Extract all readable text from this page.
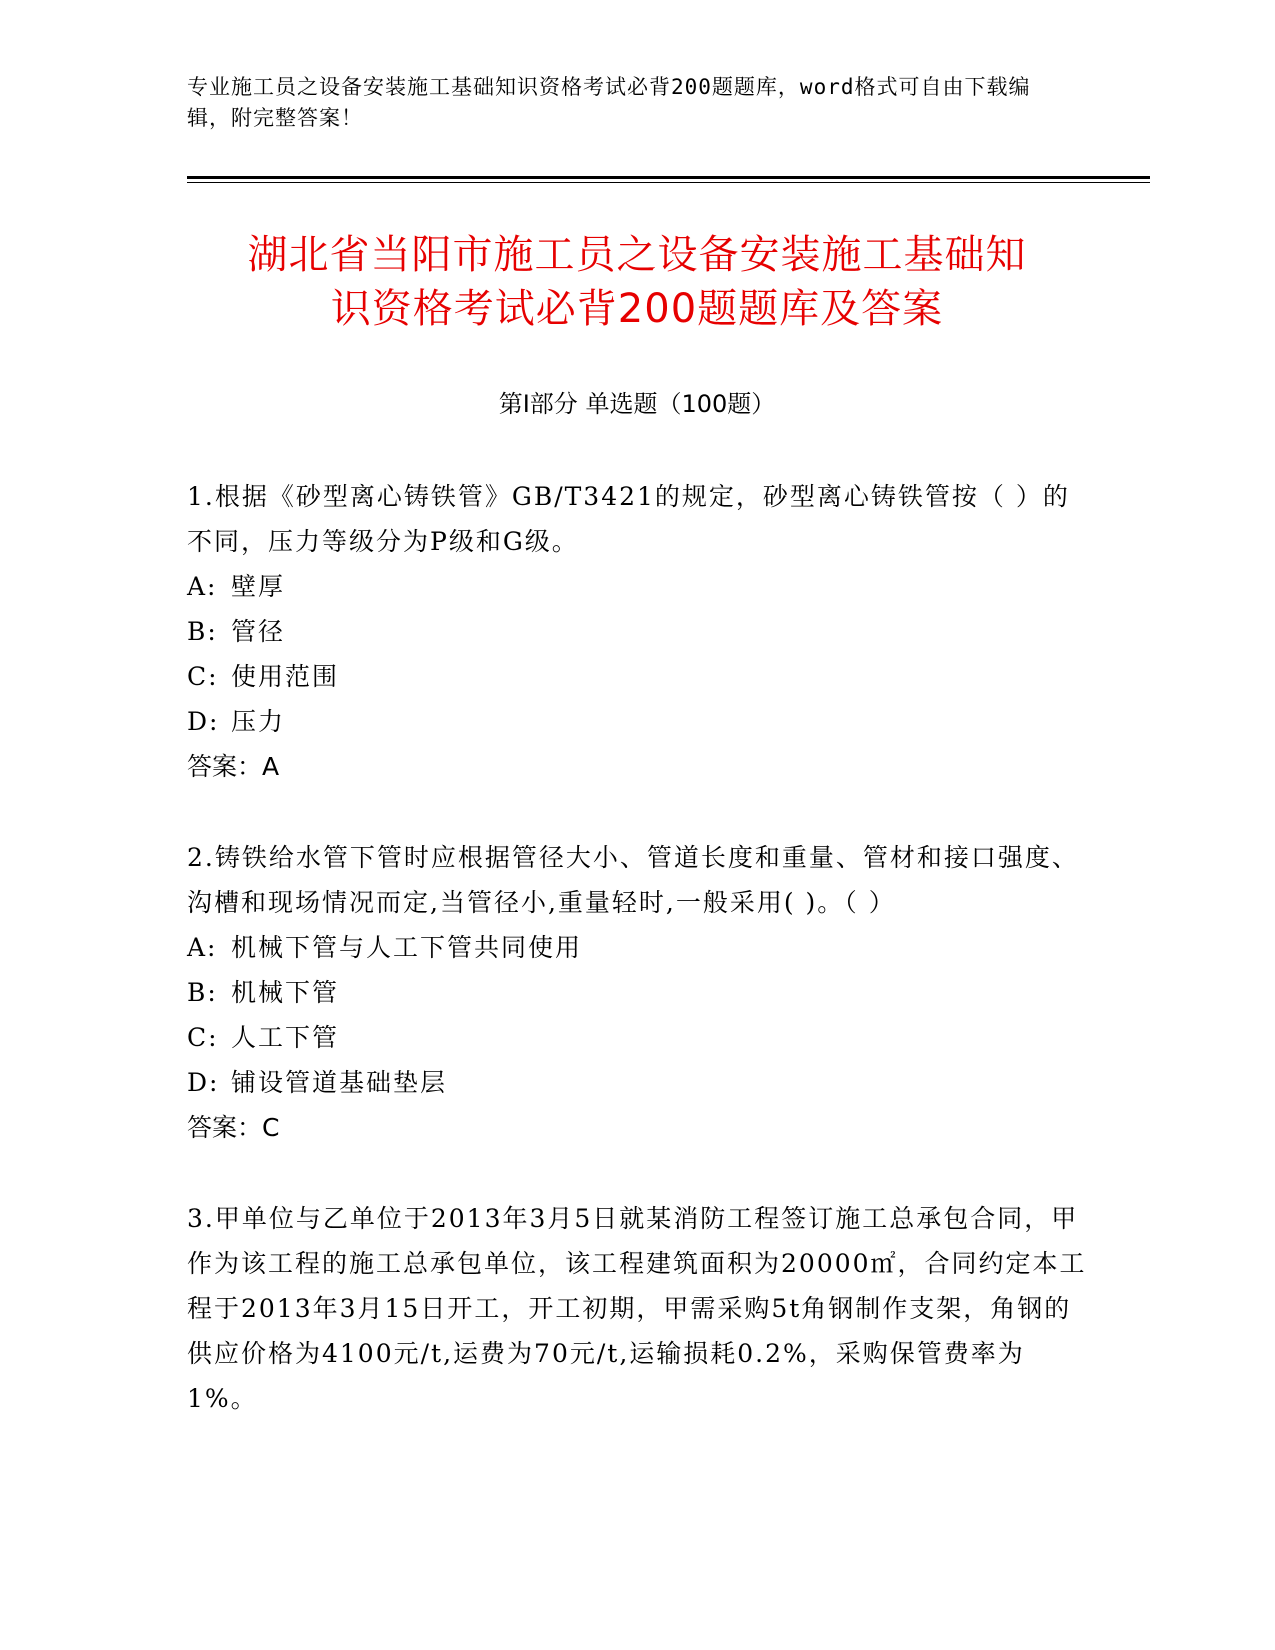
专业施工员之设备安装施工基础知识资格考试必背200题题库，word格式可自由下载编辑，附完整答案！
湖北省当阳市施工员之设备安装施工基础知
识资格考试必背200题题库及答案
第Ⅰ部分 单选题（100题）

1.根据《砂型离心铸铁管》GB/T3421的规定，砂型离心铸铁管按（ ）的不同，压力等级分为P级和G级。

A: 壁厚

B: 管径

C: 使用范围

D: 压力

答案：A

2.铸铁给水管下管时应根据管径大小、管道长度和重量、管材和接口强度、沟槽和现场情况而定,当管径小,重量轻时,一般采用( )。（ ）

A: 机械下管与人工下管共同使用

B: 机械下管

C: 人工下管

D: 铺设管道基础垫层

答案：C

3.甲单位与乙单位于2013年3月5日就某消防工程签订施工总承包合同，甲作为该工程的施工总承包单位，该工程建筑面积为20000㎡，合同约定本工程于2013年3月15日开工，开工初期，甲需采购5t角钢制作支架，角钢的供应价格为4100元/t,运费为70元/t,运输损耗0.2%，采购保管费率为1%。
